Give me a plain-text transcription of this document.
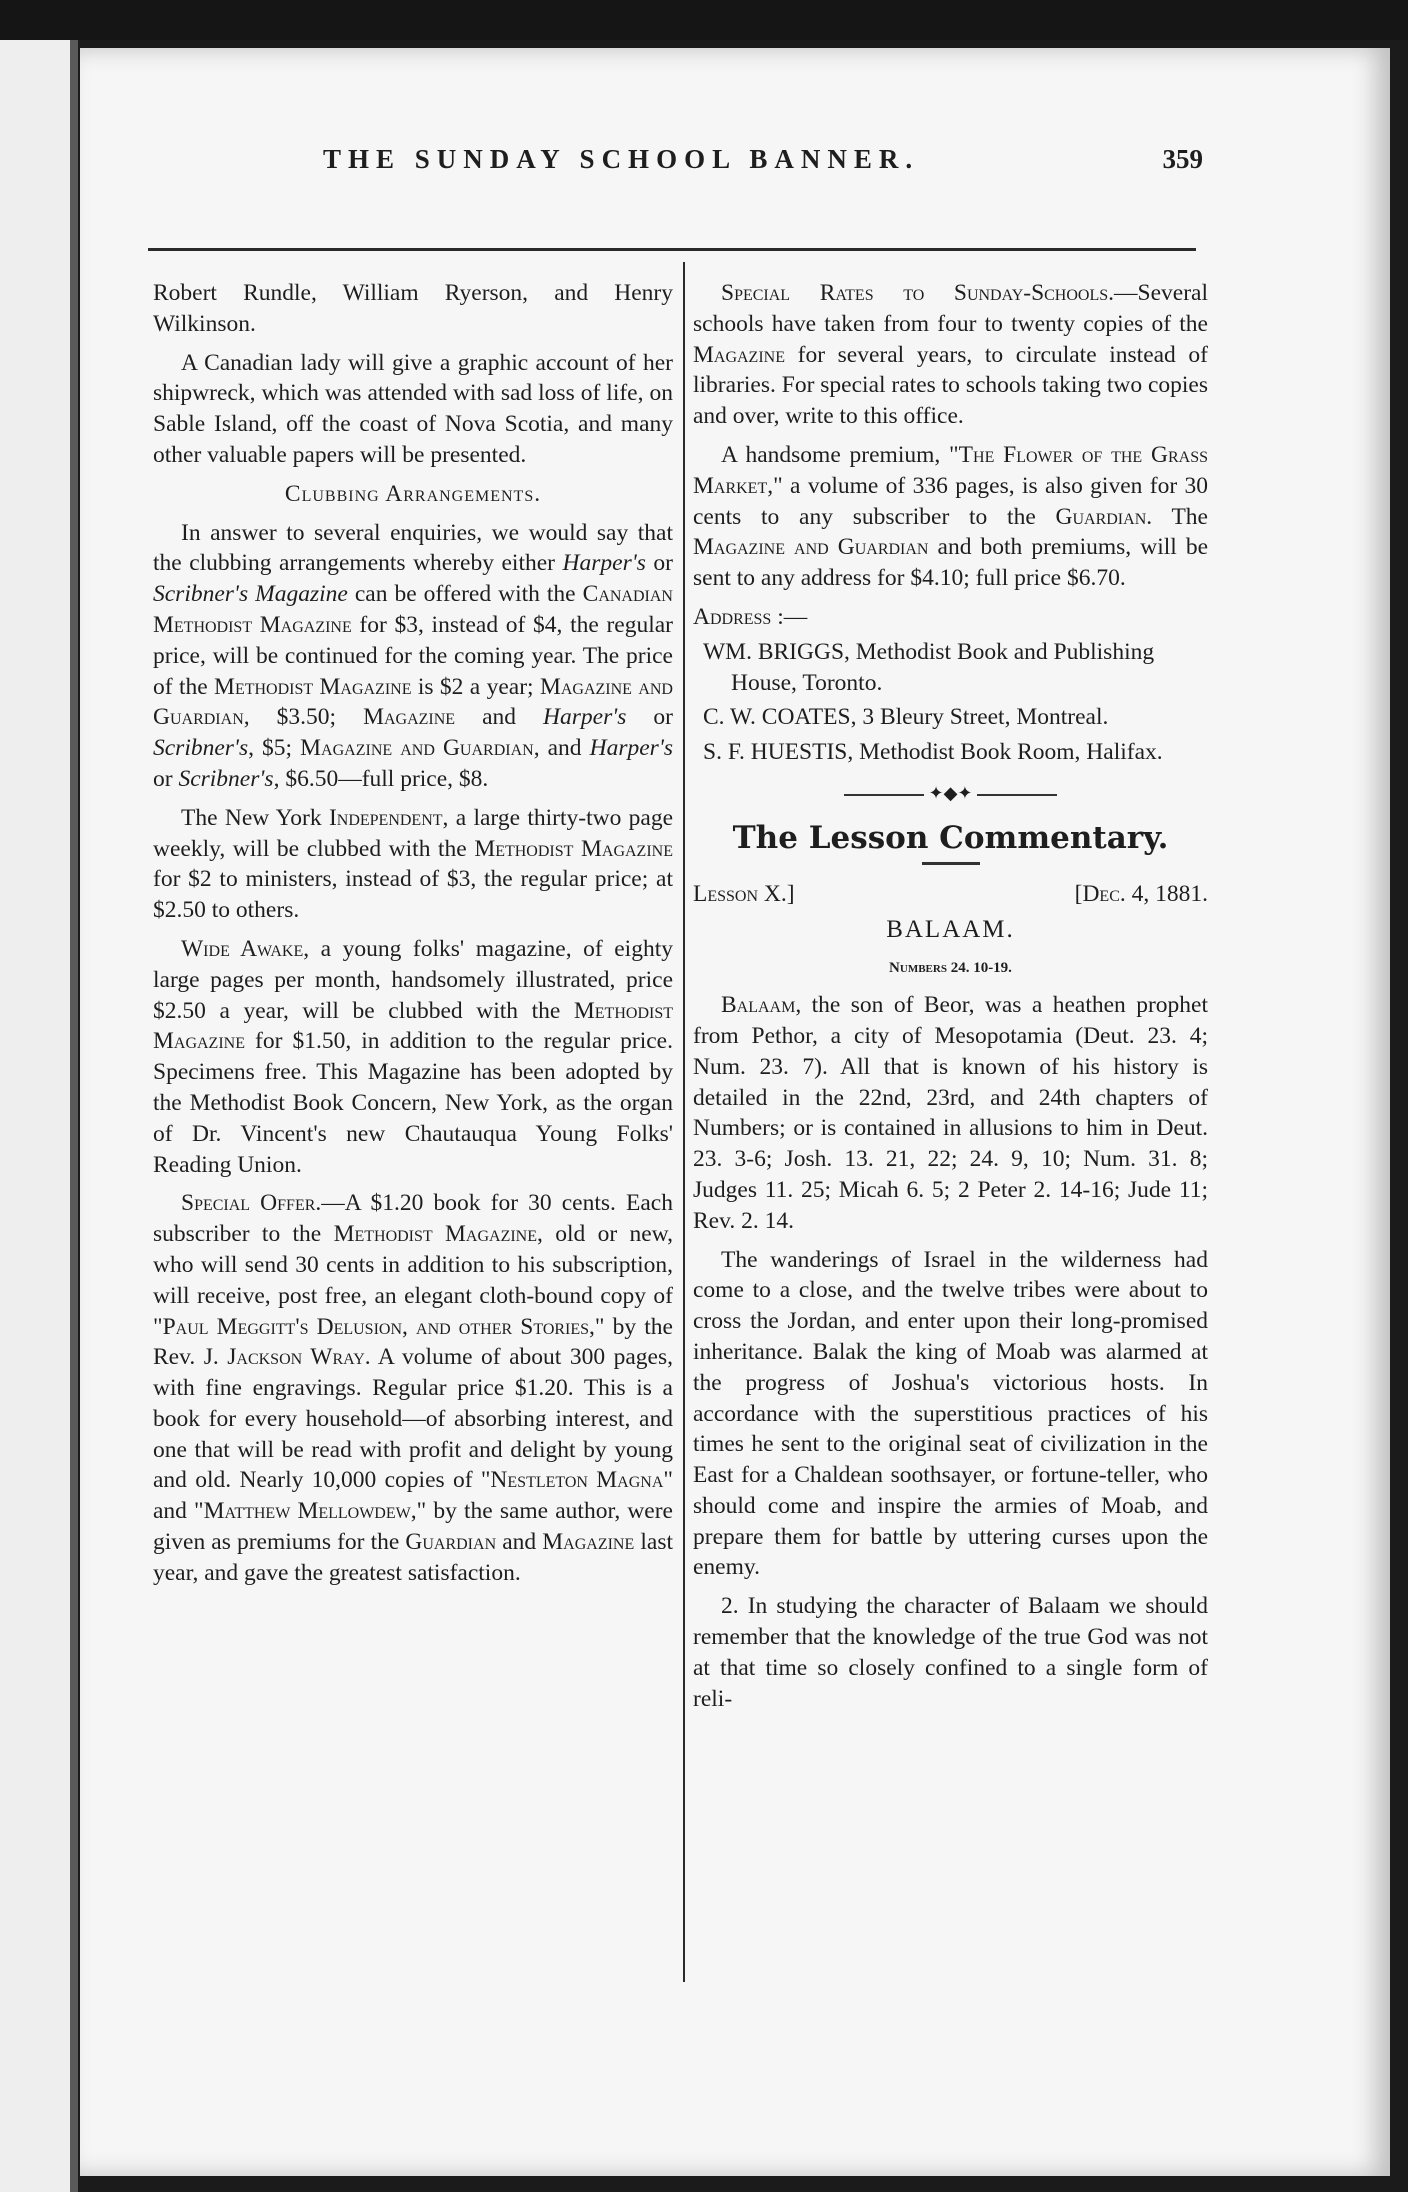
THE SUNDAY SCHOOL BANNER.	359

Robert Rundle, William Ryerson, and Henry Wilkinson.

A Canadian lady will give a graphic account of her shipwreck, which was attended with sad loss of life, on Sable Island, off the coast of Nova Scotia, and many other valuable papers will be presented.

Clubbing Arrangements.

In answer to several enquiries, we would say that the clubbing arrangements whereby either Harper's or Scribner's Magazine can be offered with the Canadian Methodist Magazine for $3, instead of $4, the regular price, will be continued for the coming year. The price of the Methodist Magazine is $2 a year; Magazine and Guardian, $3.50; Magazine and Harper's or Scribner's, $5; Magazine and Guardian, and Harper's or Scribner's, $6.50—full price, $8.

The New York Independent, a large thirty-two page weekly, will be clubbed with the Methodist Magazine for $2 to ministers, instead of $3, the regular price; at $2.50 to others.

Wide Awake, a young folks' magazine, of eighty large pages per month, handsomely illustrated, price $2.50 a year, will be clubbed with the Methodist Magazine for $1.50, in addition to the regular price. Specimens free. This Magazine has been adopted by the Methodist Book Concern, New York, as the organ of Dr. Vincent's new Chautauqua Young Folks' Reading Union.

Special Offer.—A $1.20 book for 30 cents. Each subscriber to the Methodist Magazine, old or new, who will send 30 cents in addition to his subscription, will receive, post free, an elegant cloth-bound copy of "Paul Meggitt's Delusion, and other Stories," by the Rev. J. Jackson Wray. A volume of about 300 pages, with fine engravings. Regular price $1.20. This is a book for every household—of absorbing interest, and one that will be read with profit and delight by young and old. Nearly 10,000 copies of "Nestleton Magna" and "Matthew Mellowdew," by the same author, were given as premiums for the Guardian and Magazine last year, and gave the greatest satisfaction.

Special Rates to Sunday-Schools.—Several schools have taken from four to twenty copies of the Magazine for several years, to circulate instead of libraries. For special rates to schools taking two copies and over, write to this office.

A handsome premium, "The Flower of the Grass Market," a volume of 336 pages, is also given for 30 cents to any subscriber to the Guardian. The Magazine and Guardian and both premiums, will be sent to any address for $4.10; full price $6.70.

Address :—

WM. BRIGGS, Methodist Book and Publishing House, Toronto.

C. W. COATES, 3 Bleury Street, Montreal.

S. F. HUESTIS, Methodist Book Room, Halifax.

✦◆✦

The Lesson Commentary.

Lesson X.]	[Dec. 4, 1881.

BALAAM.

Numbers 24. 10-19.

Balaam, the son of Beor, was a heathen prophet from Pethor, a city of Mesopotamia (Deut. 23. 4; Num. 23. 7). All that is known of his history is detailed in the 22nd, 23rd, and 24th chapters of Numbers; or is contained in allusions to him in Deut. 23. 3-6; Josh. 13. 21, 22; 24. 9, 10; Num. 31. 8; Judges 11. 25; Micah 6. 5; 2 Peter 2. 14-16; Jude 11; Rev. 2. 14.

The wanderings of Israel in the wilderness had come to a close, and the twelve tribes were about to cross the Jordan, and enter upon their long-promised inheritance. Balak the king of Moab was alarmed at the progress of Joshua's victorious hosts. In accordance with the superstitious practices of his times he sent to the original seat of civilization in the East for a Chaldean soothsayer, or fortune-teller, who should come and inspire the armies of Moab, and prepare them for battle by uttering curses upon the enemy.

2. In studying the character of Balaam we should remember that the knowledge of the true God was not at that time so closely confined to a single form of reli-
